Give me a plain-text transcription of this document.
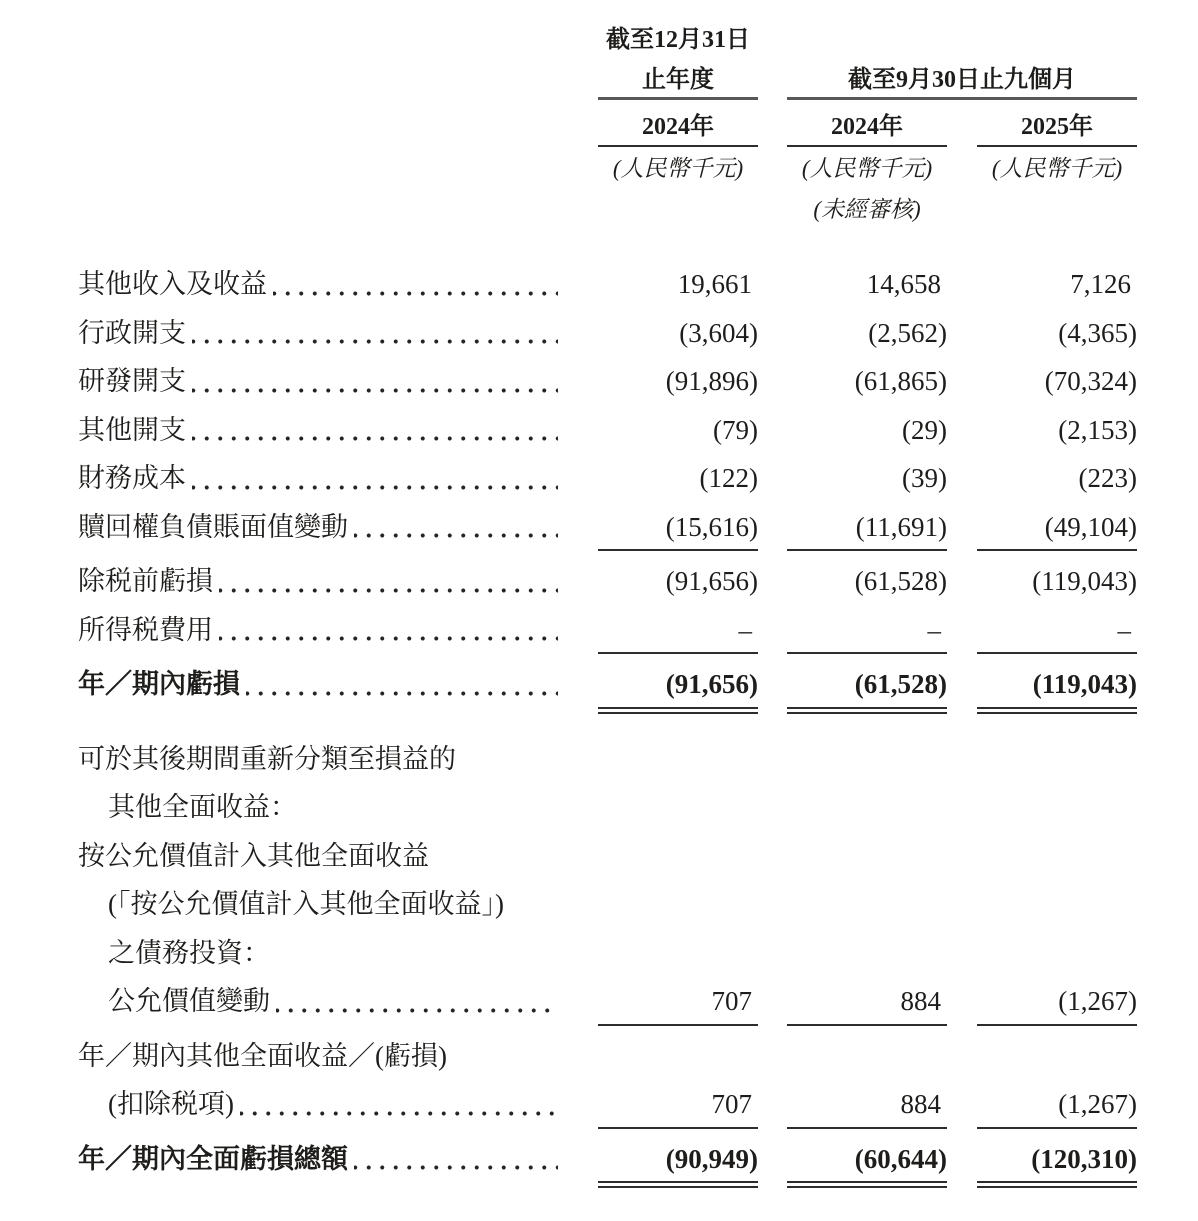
截至12月31日
止年度	截至9月30日止九個月
2024年	2024年	2025年
(人民幣千元)	(人民幣千元)	(人民幣千元)
(未經審核)
其他收入及收益	19,661	14,658	7,126
行政開支	(3,604)	(2,562)	(4,365)
研發開支	(91,896)	(61,865)	(70,324)
其他開支	(79)	(29)	(2,153)
財務成本	(122)	(39)	(223)
贖回權負債賬面值變動	(15,616)	(11,691)	(49,104)
除税前虧損	(91,656)	(61,528)	(119,043)
所得税費用	–	–	–
年／期內虧損	(91,656)	(61,528)	(119,043)
可於其後期間重新分類至損益的
其他全面收益：
按公允價值計入其他全面收益
(「按公允價值計入其他全面收益」)
之債務投資：
公允價值變動	707	884	(1,267)
年／期內其他全面收益／(虧損)
(扣除税項)	707	884	(1,267)
年／期內全面虧損總額	(90,949)	(60,644)	(120,310)
